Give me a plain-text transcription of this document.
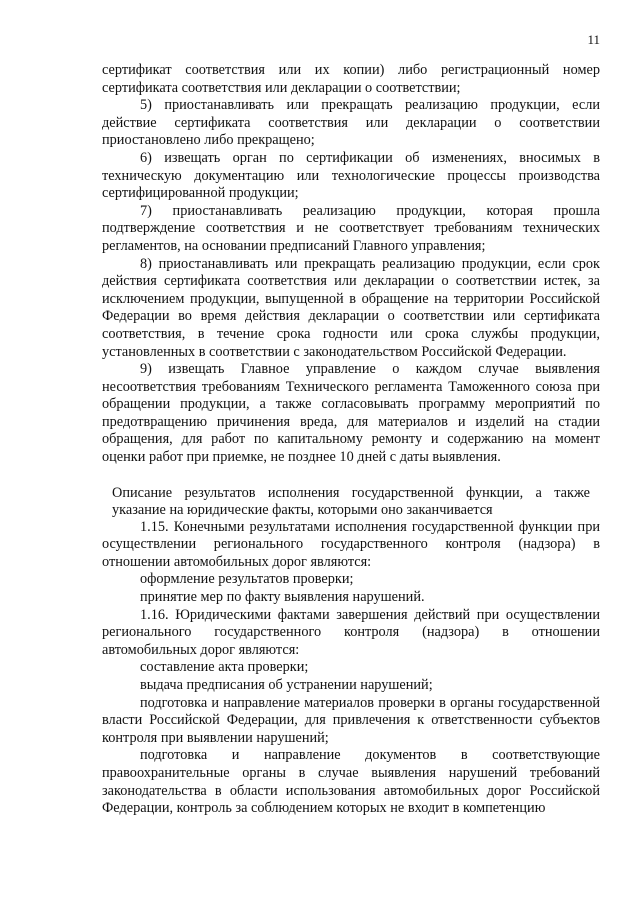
11

сертификат соответствия или их копии) либо регистрационный номер сертификата соответствия или декларации о соответствии;

5) приостанавливать или прекращать реализацию продукции, если действие сертификата соответствия или декларации о соответствии приостановлено либо прекращено;

6) извещать орган по сертификации об изменениях, вносимых в техническую документацию или технологические процессы производства сертифицированной продукции;

7) приостанавливать реализацию продукции, которая прошла подтверждение соответствия и не соответствует требованиям технических регламентов, на основании предписаний Главного управления;

8) приостанавливать или прекращать реализацию продукции, если срок действия сертификата соответствия или декларации о соответствии истек, за исключением продукции, выпущенной в обращение на территории Российской Федерации во время действия декларации о соответствии или сертификата соответствия, в течение срока годности или срока службы продукции, установленных в соответствии с законодательством Российской Федерации.

9) извещать Главное управление о каждом случае выявления несоответствия требованиям Технического регламента Таможенного союза при обращении продукции, а также согласовывать программу мероприятий по предотвращению причинения вреда, для материалов и изделий на стадии обращения, для работ по капитальному ремонту и содержанию на момент оценки работ при приемке, не позднее 10 дней с даты выявления.

Описание результатов исполнения государственной функции, а также указание на юридические факты, которыми оно заканчивается

1.15. Конечными результатами исполнения государственной функции при осуществлении регионального государственного контроля (надзора) в отношении автомобильных дорог являются:

оформление результатов проверки;

принятие мер по факту выявления нарушений.

1.16. Юридическими фактами завершения действий при осуществлении регионального государственного контроля (надзора) в отношении автомобильных дорог являются:

составление акта проверки;

выдача предписания об устранении нарушений;

подготовка и направление материалов проверки в органы государственной власти Российской Федерации, для привлечения к ответственности субъектов контроля при выявлении нарушений;

подготовка и направление документов в соответствующие правоохранительные органы в случае выявления нарушений требований законодательства в области использования автомобильных дорог Российской Федерации, контроль за соблюдением которых не входит в компетенцию
